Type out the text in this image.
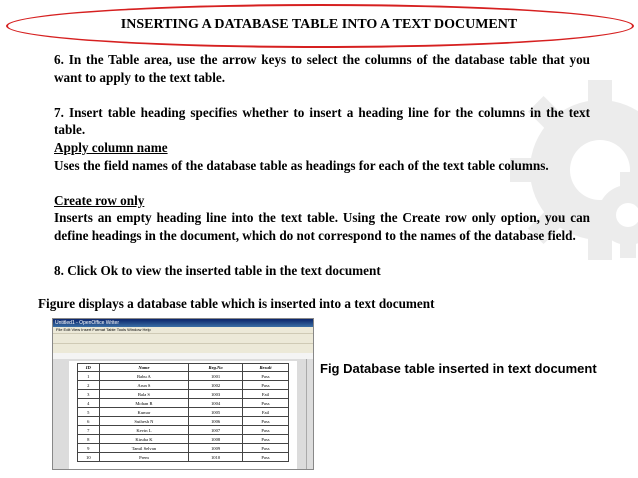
INSERTING A DATABASE TABLE INTO A TEXT DOCUMENT

6. In the Table area, use the arrow keys to select the columns of the database table that you want to apply to the text table.

7. Insert table heading specifies whether to insert a heading line for the columns in the text table.

Apply column name

Uses the field names of the database table as headings for each of the text table columns.

Create row only

Inserts an empty heading line into the text table. Using the Create row only option, you can define headings in the document, which do not correspond to the names of the database field.

8. Click Ok to view the inserted table in the text document

Figure displays a database table which is inserted into a text document
Untitled1 - OpenOffice Writer
File Edit View Insert Format Table Tools Window Help
ID	Name	Reg.No	Result
1	Babu A	1001	Pass
2	Arun S	1002	Pass
3	Bala S	1003	Fail
4	Mohan R	1004	Pass
5	Kumar	1005	Fail
6	Suthesh N	1006	Pass
7	Kevin L	1007	Pass
8	Kiruba K	1008	Pass
9	Tamil Selvan	1009	Pass
10	Prem	1010	Pass
Fig Database table inserted in text document
